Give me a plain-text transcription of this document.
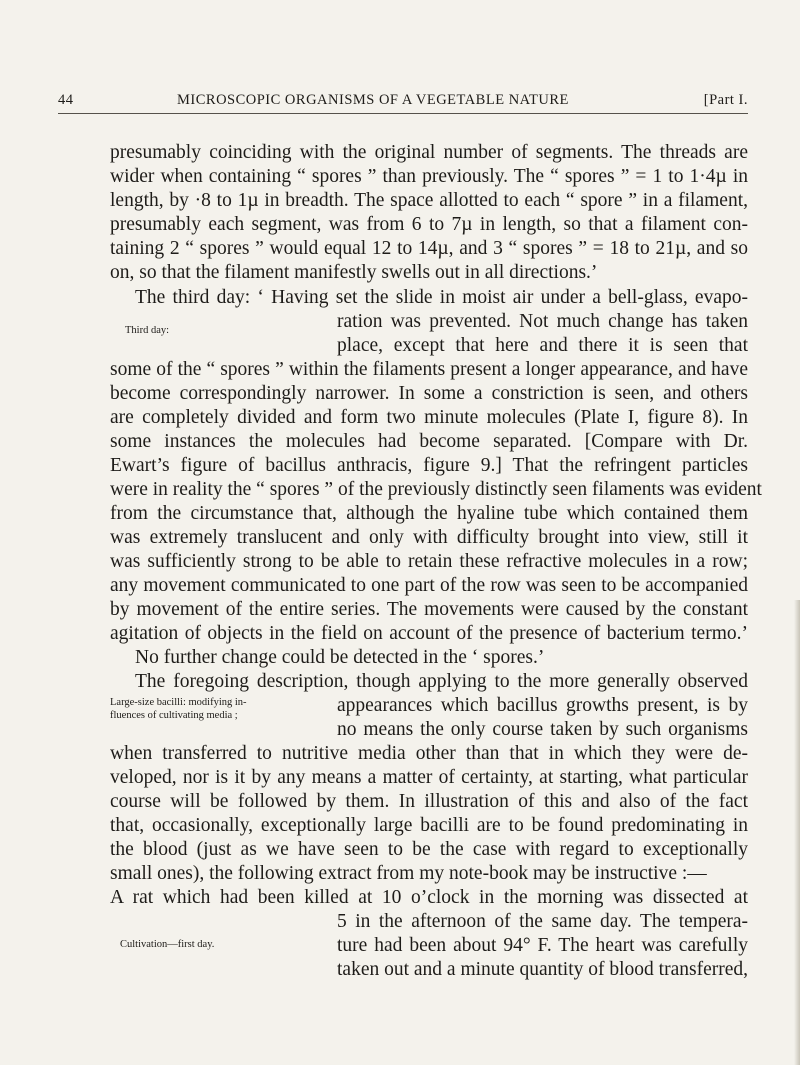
44	MICROSCOPIC ORGANISMS OF A VEGETABLE NATURE	[Part I.
presumably coinciding with the original number of segments. The threads are
wider when containing “ spores ” than previously. The “ spores ” = 1 to 1·4µ in
length, by ·8 to 1µ in breadth. The space allotted to each “ spore ” in a filament,
presumably each segment, was from 6 to 7µ in length, so that a filament con-
taining 2 “ spores ” would equal 12 to 14µ, and 3 “ spores ” = 18 to 21µ, and so
on, so that the filament manifestly swells out in all directions.’
The third day: ‘ Having set the slide in moist air under a bell-glass, evapo-
ration was prevented. Not much change has taken
Third day:
place, except that here and there it is seen that
some of the “ spores ” within the filaments present a longer appearance, and have
become correspondingly narrower. In some a constriction is seen, and others
are completely divided and form two minute molecules (Plate I, figure 8). In
some instances the molecules had become separated. [Compare with Dr.
Ewart’s figure of bacillus anthracis, figure 9.] That the refringent particles
were in reality the “ spores ” of the previously distinctly seen filaments was evident
from the circumstance that, although the hyaline tube which contained them
was extremely translucent and only with difficulty brought into view, still it
was sufficiently strong to be able to retain these refractive molecules in a row;
any movement communicated to one part of the row was seen to be accompanied
by movement of the entire series. The movements were caused by the constant
agitation of objects in the field on account of the presence of bacterium termo.’
No further change could be detected in the ‘ spores.’
The foregoing description, though applying to the more generally observed
Large-size bacilli: modifying in-	appearances which bacillus growths present, is by
fluences of cultivating media ;
no means the only course taken by such organisms
when transferred to nutritive media other than that in which they were de-
veloped, nor is it by any means a matter of certainty, at starting, what particular
course will be followed by them. In illustration of this and also of the fact
that, occasionally, exceptionally large bacilli are to be found predominating in
the blood (just as we have seen to be the case with regard to exceptionally
small ones), the following extract from my note-book may be instructive :—
A rat which had been killed at 10 o’clock in the morning was dissected at
5 in the afternoon of the same day. The tempera-
Cultivation—first day.	ture had been about 94° F. The heart was carefully
taken out and a minute quantity of blood transferred,
